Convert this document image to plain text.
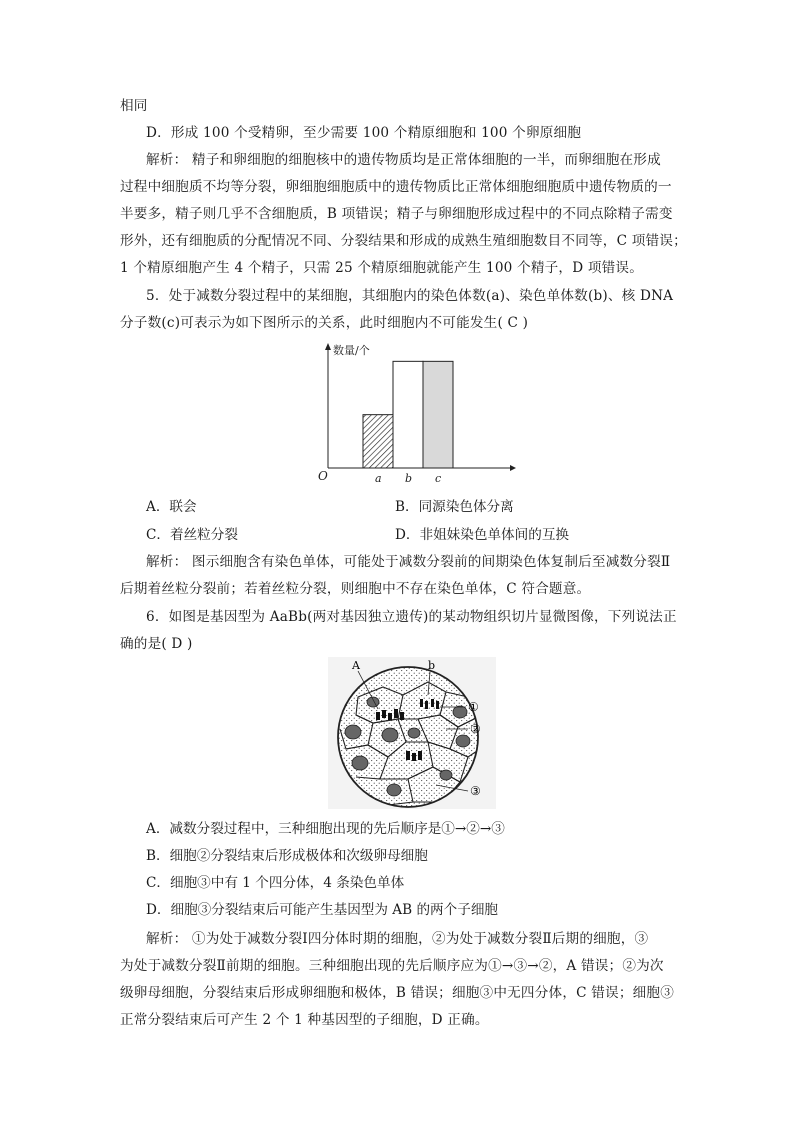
相同
D．形成 100 个受精卵，至少需要 100 个精原细胞和 100 个卵原细胞
解析： 精子和卵细胞的细胞核中的遗传物质均是正常体细胞的一半，而卵细胞在形成
过程中细胞质不均等分裂，卵细胞细胞质中的遗传物质比正常体细胞细胞质中遗传物质的一
半要多，精子则几乎不含细胞质，B 项错误；精子与卵细胞形成过程中的不同点除精子需变
形外，还有细胞质的分配情况不同、分裂结果和形成的成熟生殖细胞数目不同等，C 项错误；
1 个精原细胞产生 4 个精子，只需 25 个精原细胞就能产生 100 个精子，D 项错误。
5．处于减数分裂过程中的某细胞，其细胞内的染色体数(a)、染色单体数(b)、核 DNA
分子数(c)可表示为如下图所示的关系，此时细胞内不可能发生( C )
数量/个
O	a b c
A．联会	B．同源染色体分离
C．着丝粒分裂	D．非姐妹染色单体间的互换
解析： 图示细胞含有染色单体，可能处于减数分裂前的间期染色体复制后至减数分裂Ⅱ
后期着丝粒分裂前；若着丝粒分裂，则细胞中不存在染色单体，C 符合题意。
6．如图是基因型为 AaBb(两对基因独立遗传)的某动物组织切片显微图像，下列说法正
确的是( D )
A	b
①
②
③
A．减数分裂过程中，三种细胞出现的先后顺序是①→②→③
B．细胞②分裂结束后形成极体和次级卵母细胞
C．细胞③中有 1 个四分体，4 条染色单体
D．细胞③分裂结束后可能产生基因型为 AB 的两个子细胞
解析： ①为处于减数分裂Ⅰ四分体时期的细胞，②为处于减数分裂Ⅱ后期的细胞，③
为处于减数分裂Ⅱ前期的细胞。三种细胞出现的先后顺序应为①→③→②，A 错误；②为次
级卵母细胞，分裂结束后形成卵细胞和极体，B 错误；细胞③中无四分体，C 错误；细胞③
正常分裂结束后可产生 2 个 1 种基因型的子细胞，D 正确。
